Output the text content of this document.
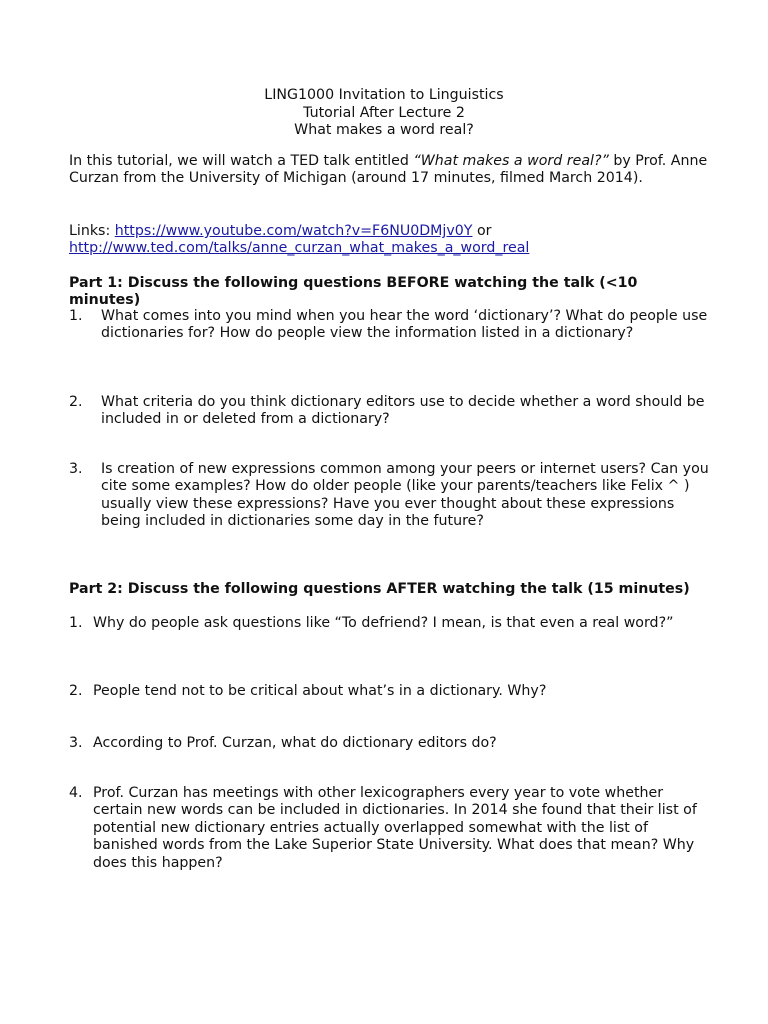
LING1000 Invitation to Linguistics
Tutorial After Lecture 2
What makes a word real?
In this tutorial, we will watch a TED talk entitled “What makes a word real?” by Prof. Anne Curzan from the University of Michigan (around 17 minutes, filmed March 2014).
Links: https://www.youtube.com/watch?v=F6NU0DMjv0Y or
http://www.ted.com/talks/anne_curzan_what_makes_a_word_real
Part 1: Discuss the following questions BEFORE watching the talk (<10 minutes)
1. What comes into you mind when you hear the word ‘dictionary’? What do people use dictionaries for? How do people view the information listed in a dictionary?
2. What criteria do you think dictionary editors use to decide whether a word should be included in or deleted from a dictionary?
3. Is creation of new expressions common among your peers or internet users? Can you cite some examples? How do older people (like your parents/teachers like Felix ^ ) usually view these expressions? Have you ever thought about these expressions being included in dictionaries some day in the future?
Part 2: Discuss the following questions AFTER watching the talk (15 minutes)
1. Why do people ask questions like “To defriend? I mean, is that even a real word?”
2. People tend not to be critical about what’s in a dictionary. Why?
3. According to Prof. Curzan, what do dictionary editors do?
4. Prof. Curzan has meetings with other lexicographers every year to vote whether certain new words can be included in dictionaries. In 2014 she found that their list of potential new dictionary entries actually overlapped somewhat with the list of banished words from the Lake Superior State University. What does that mean? Why does this happen?
